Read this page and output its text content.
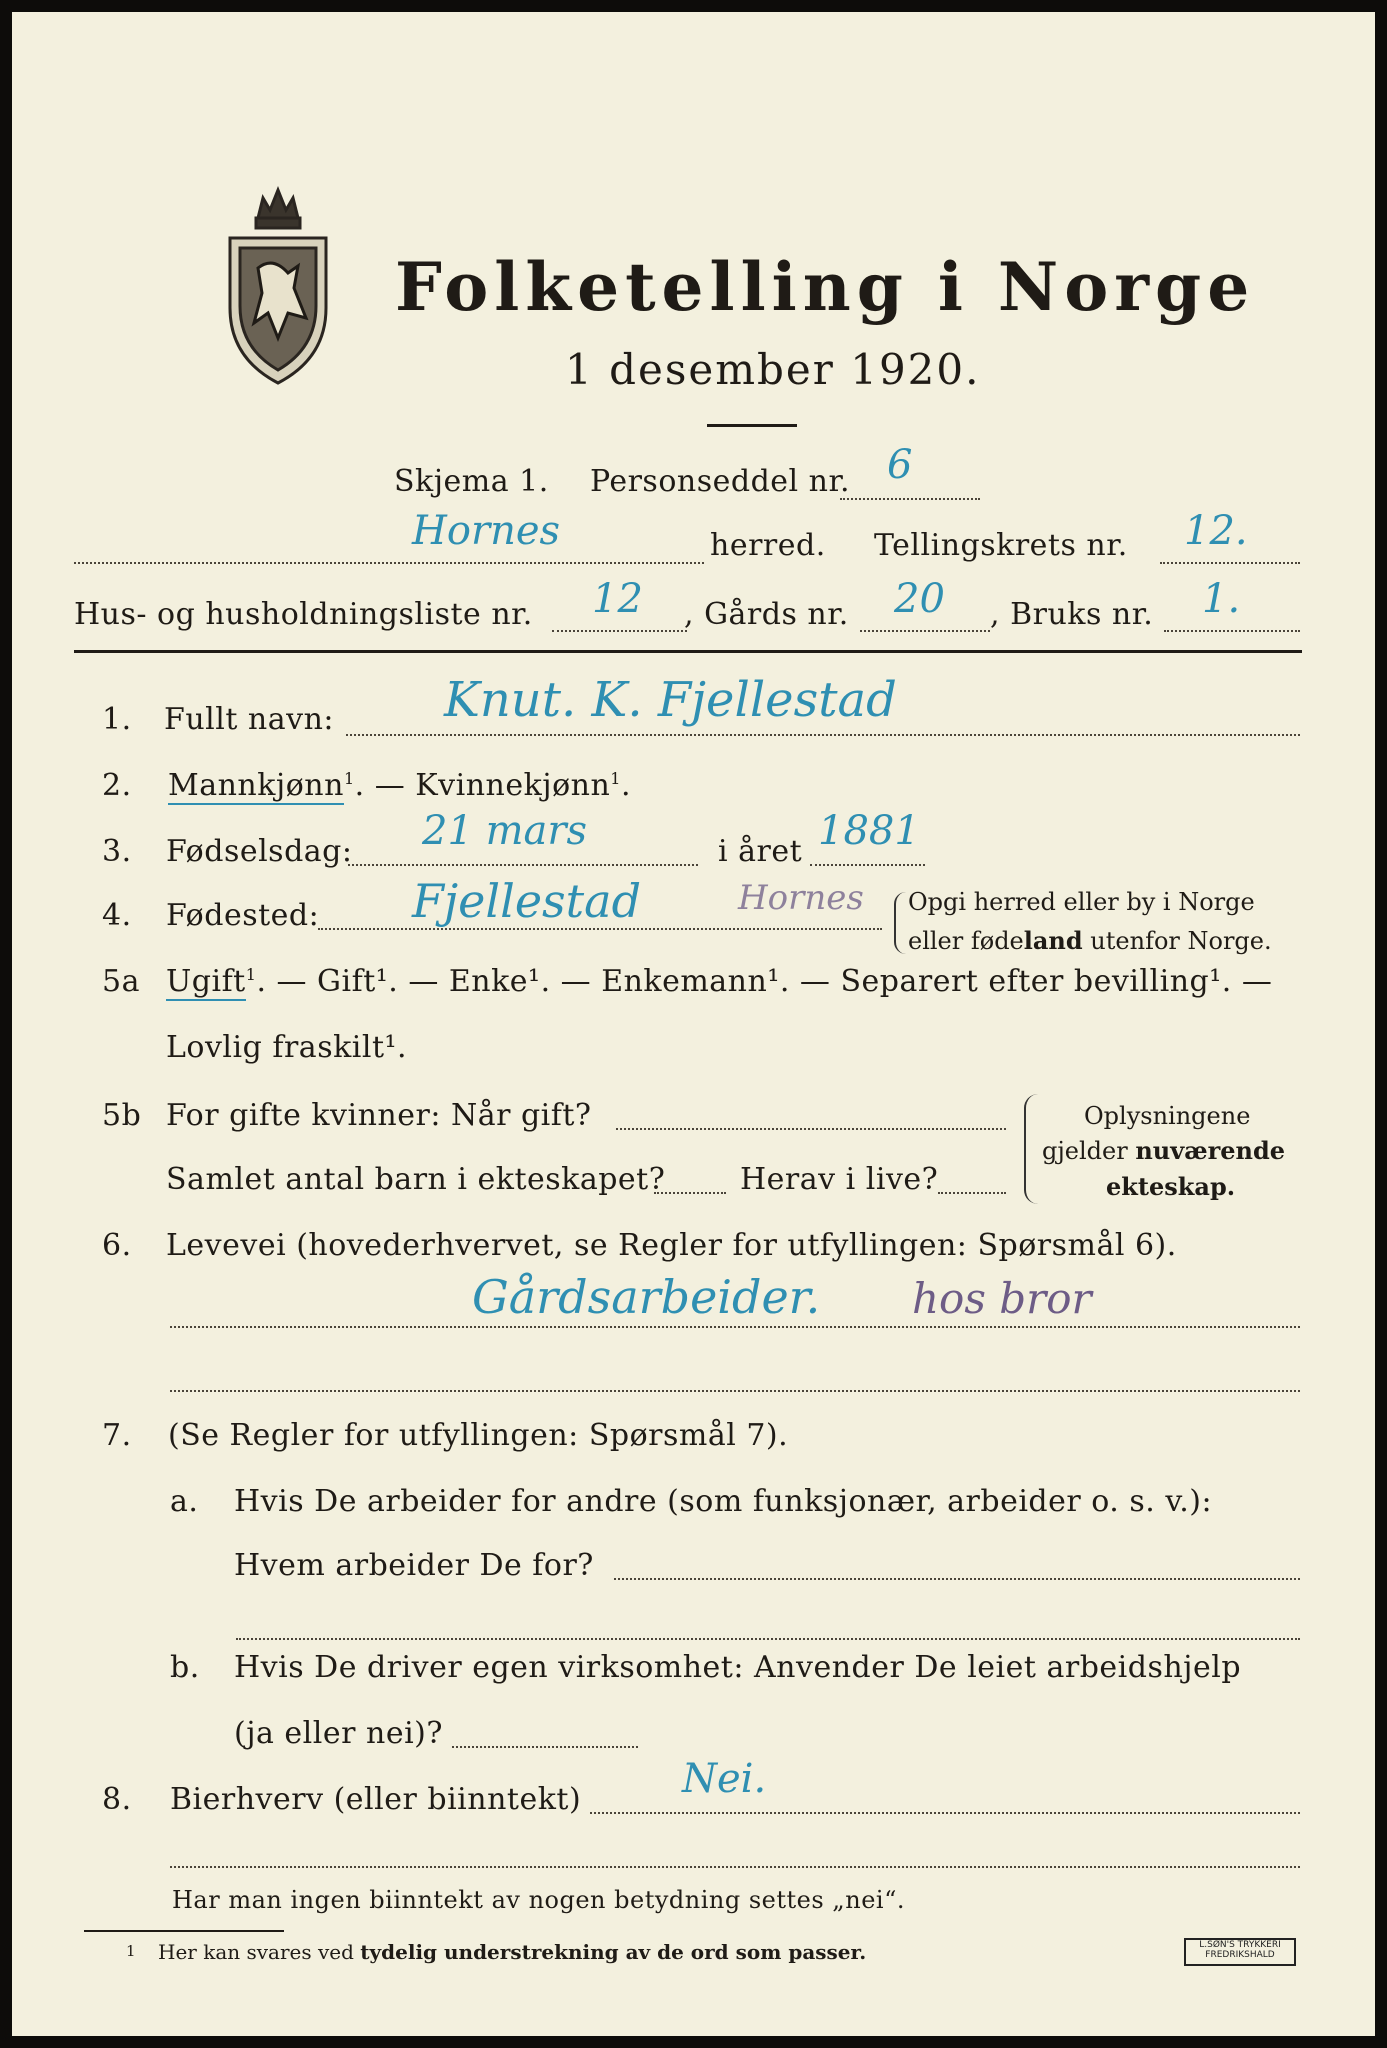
Folketelling i Norge
1 desember 1920.
Skjema 1. Personseddel nr. 6
Hornes	herred. Tellingskrets nr. 12.
Hus- og husholdningsliste nr. 12 , Gårds nr. 20 , Bruks nr. 1.
1. Fullt navn: Knut. K. Fjellestad
2. Mannkjønn$^1$. — Kvinnekjønn$^1$.
3. Fødselsdag: 21 mars	i året 1881
4. Fødested: Fjellestad	Hornes Opgi herred eller by i Norge
eller fødeland utenfor Norge.
5a Ugift$^1$. — Gift¹. — Enke¹. — Enkemann¹. — Separert efter bevilling¹. —
Lovlig fraskilt¹.
5b For gifte kvinner: Når gift?
Samlet antal barn i ekteskapet? Herav i live?
Oplysningene
gjelder nuværende
ekteskap.
6. Levevei (hovederhvervet, se Regler for utfyllingen: Spørsmål 6).
Gårdsarbeider. hos bror
7. (Se Regler for utfyllingen: Spørsmål 7).
a. Hvis De arbeider for andre (som funksjonær, arbeider o. s. v.):
Hvem arbeider De for?
b. Hvis De driver egen virksomhet: Anvender De leiet arbeidshjelp
(ja eller nei)?
8. Bierhverv (eller biinntekt)	Nei.
Har man ingen biinntekt av nogen betydning settes „nei“.
1 Her kan svares ved tydelig understrekning av de ord som passer.	L.SØN'S TRYKKERI
FREDRIKSHALD
